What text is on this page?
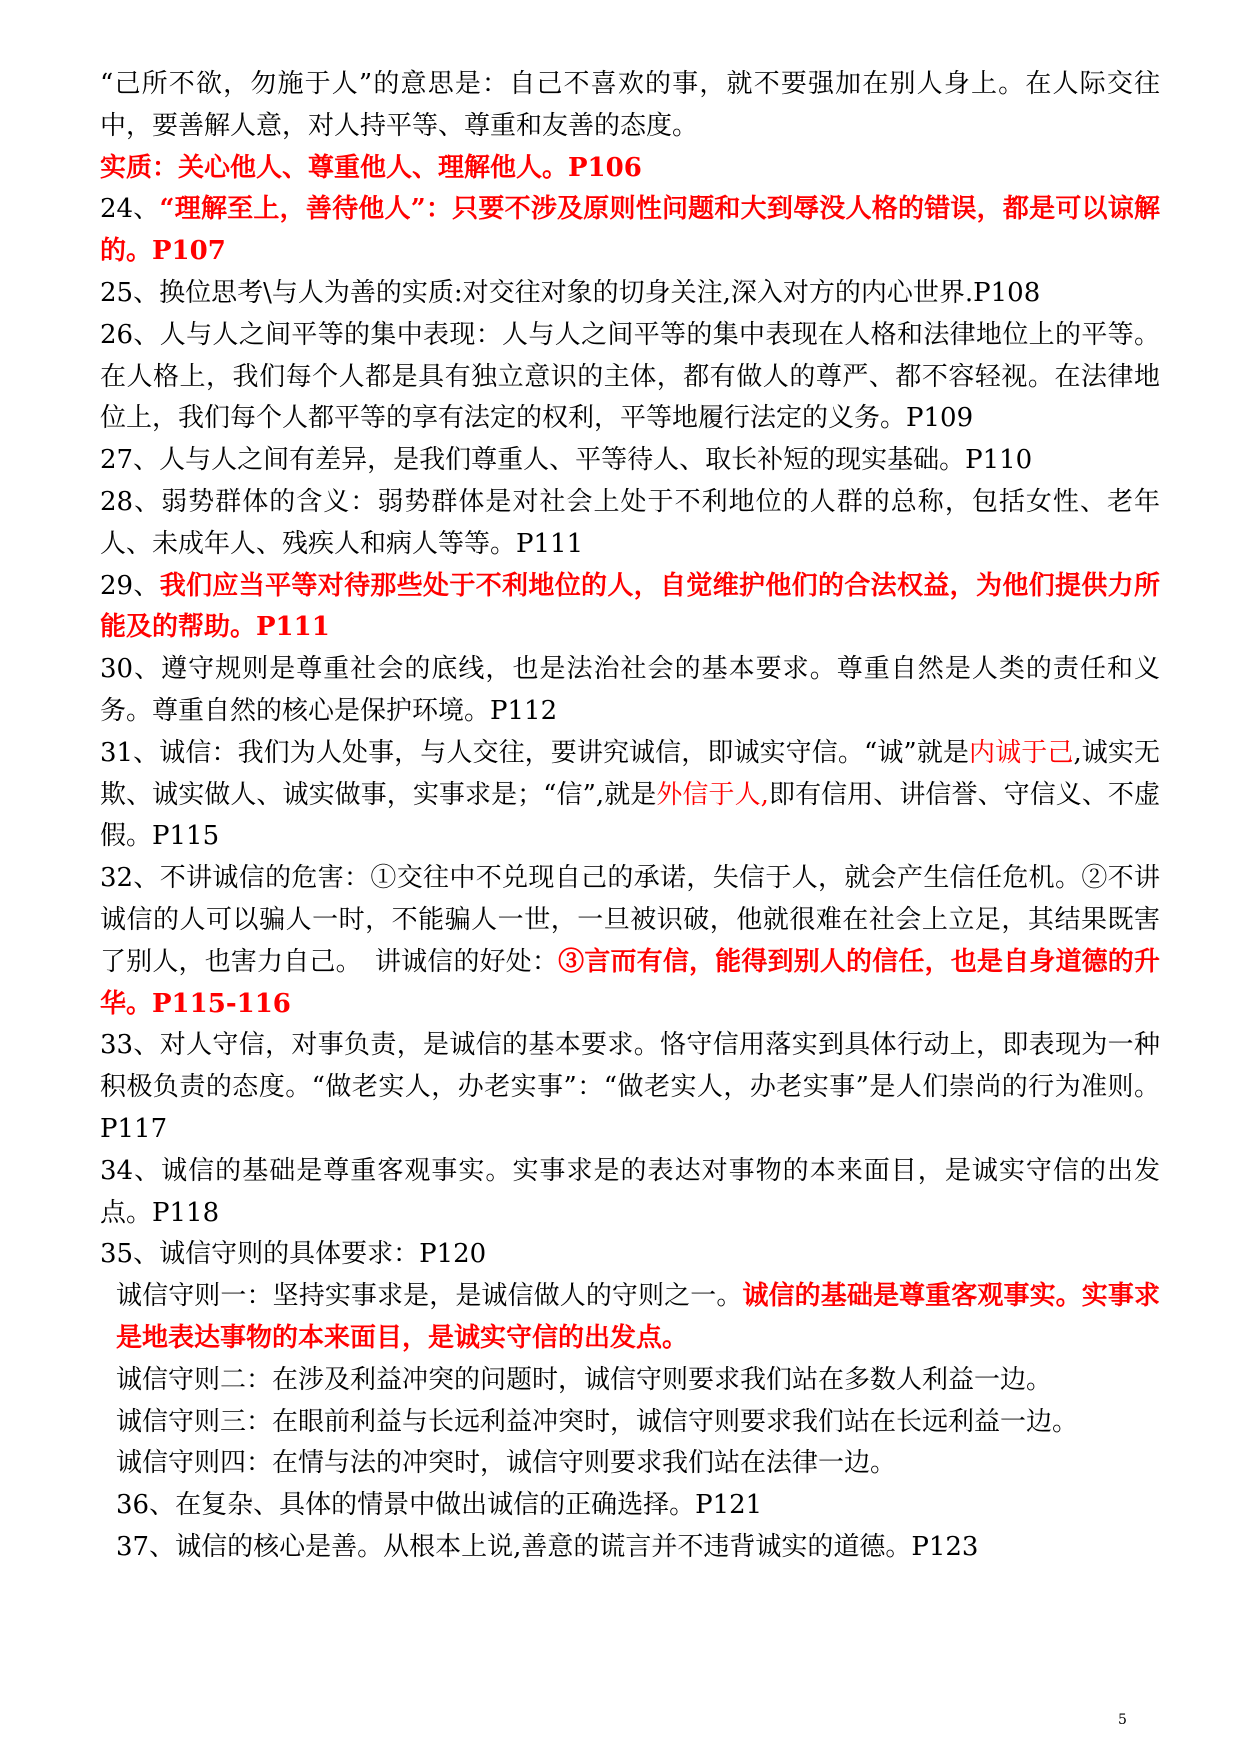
“己所不欲，勿施于人”的意思是：自己不喜欢的事，就不要强加在别人身上。在人际交往中，要善解人意，对人持平等、尊重和友善的态度。

实质：关心他人、尊重他人、理解他人。P106

24、“理解至上，善待他人”：只要不涉及原则性问题和大到辱没人格的错误，都是可以谅解的。P107

25、换位思考\与人为善的实质:对交往对象的切身关注,深入对方的内心世界.P108

26、人与人之间平等的集中表现：人与人之间平等的集中表现在人格和法律地位上的平等。在人格上，我们每个人都是具有独立意识的主体，都有做人的尊严、都不容轻视。在法律地位上，我们每个人都平等的享有法定的权利，平等地履行法定的义务。P109

27、人与人之间有差异，是我们尊重人、平等待人、取长补短的现实基础。P110

28、弱势群体的含义：弱势群体是对社会上处于不利地位的人群的总称，包括女性、老年人、未成年人、残疾人和病人等等。P111

29、我们应当平等对待那些处于不利地位的人，自觉维护他们的合法权益，为他们提供力所能及的帮助。P111

30、遵守规则是尊重社会的底线，也是法治社会的基本要求。尊重自然是人类的责任和义务。尊重自然的核心是保护环境。P112

31、诚信：我们为人处事，与人交往，要讲究诚信，即诚实守信。“诚”就是内诚于己,诚实无欺、诚实做人、诚实做事，实事求是；“信”,就是外信于人,即有信用、讲信誉、守信义、不虚假。P115

32、不讲诚信的危害：①交往中不兑现自己的承诺，失信于人，就会产生信任危机。②不讲诚信的人可以骗人一时，不能骗人一世，一旦被识破，他就很难在社会上立足，其结果既害了别人，也害力自己。　讲诚信的好处：③言而有信，能得到别人的信任，也是自身道德的升华。P115-116

33、对人守信，对事负责，是诚信的基本要求。恪守信用落实到具体行动上，即表现为一种积极负责的态度。“做老实人，办老实事”：“做老实人，办老实事”是人们崇尚的行为准则。P117

34、诚信的基础是尊重客观事实。实事求是的表达对事物的本来面目，是诚实守信的出发点。P118

35、诚信守则的具体要求：P120

诚信守则一：坚持实事求是，是诚信做人的守则之一。诚信的基础是尊重客观事实。实事求是地表达事物的本来面目，是诚实守信的出发点。

诚信守则二：在涉及利益冲突的问题时，诚信守则要求我们站在多数人利益一边。

诚信守则三：在眼前利益与长远利益冲突时，诚信守则要求我们站在长远利益一边。

诚信守则四：在情与法的冲突时，诚信守则要求我们站在法律一边。

36、在复杂、具体的情景中做出诚信的正确选择。P121

37、诚信的核心是善。从根本上说,善意的谎言并不违背诚实的道德。P123

5
